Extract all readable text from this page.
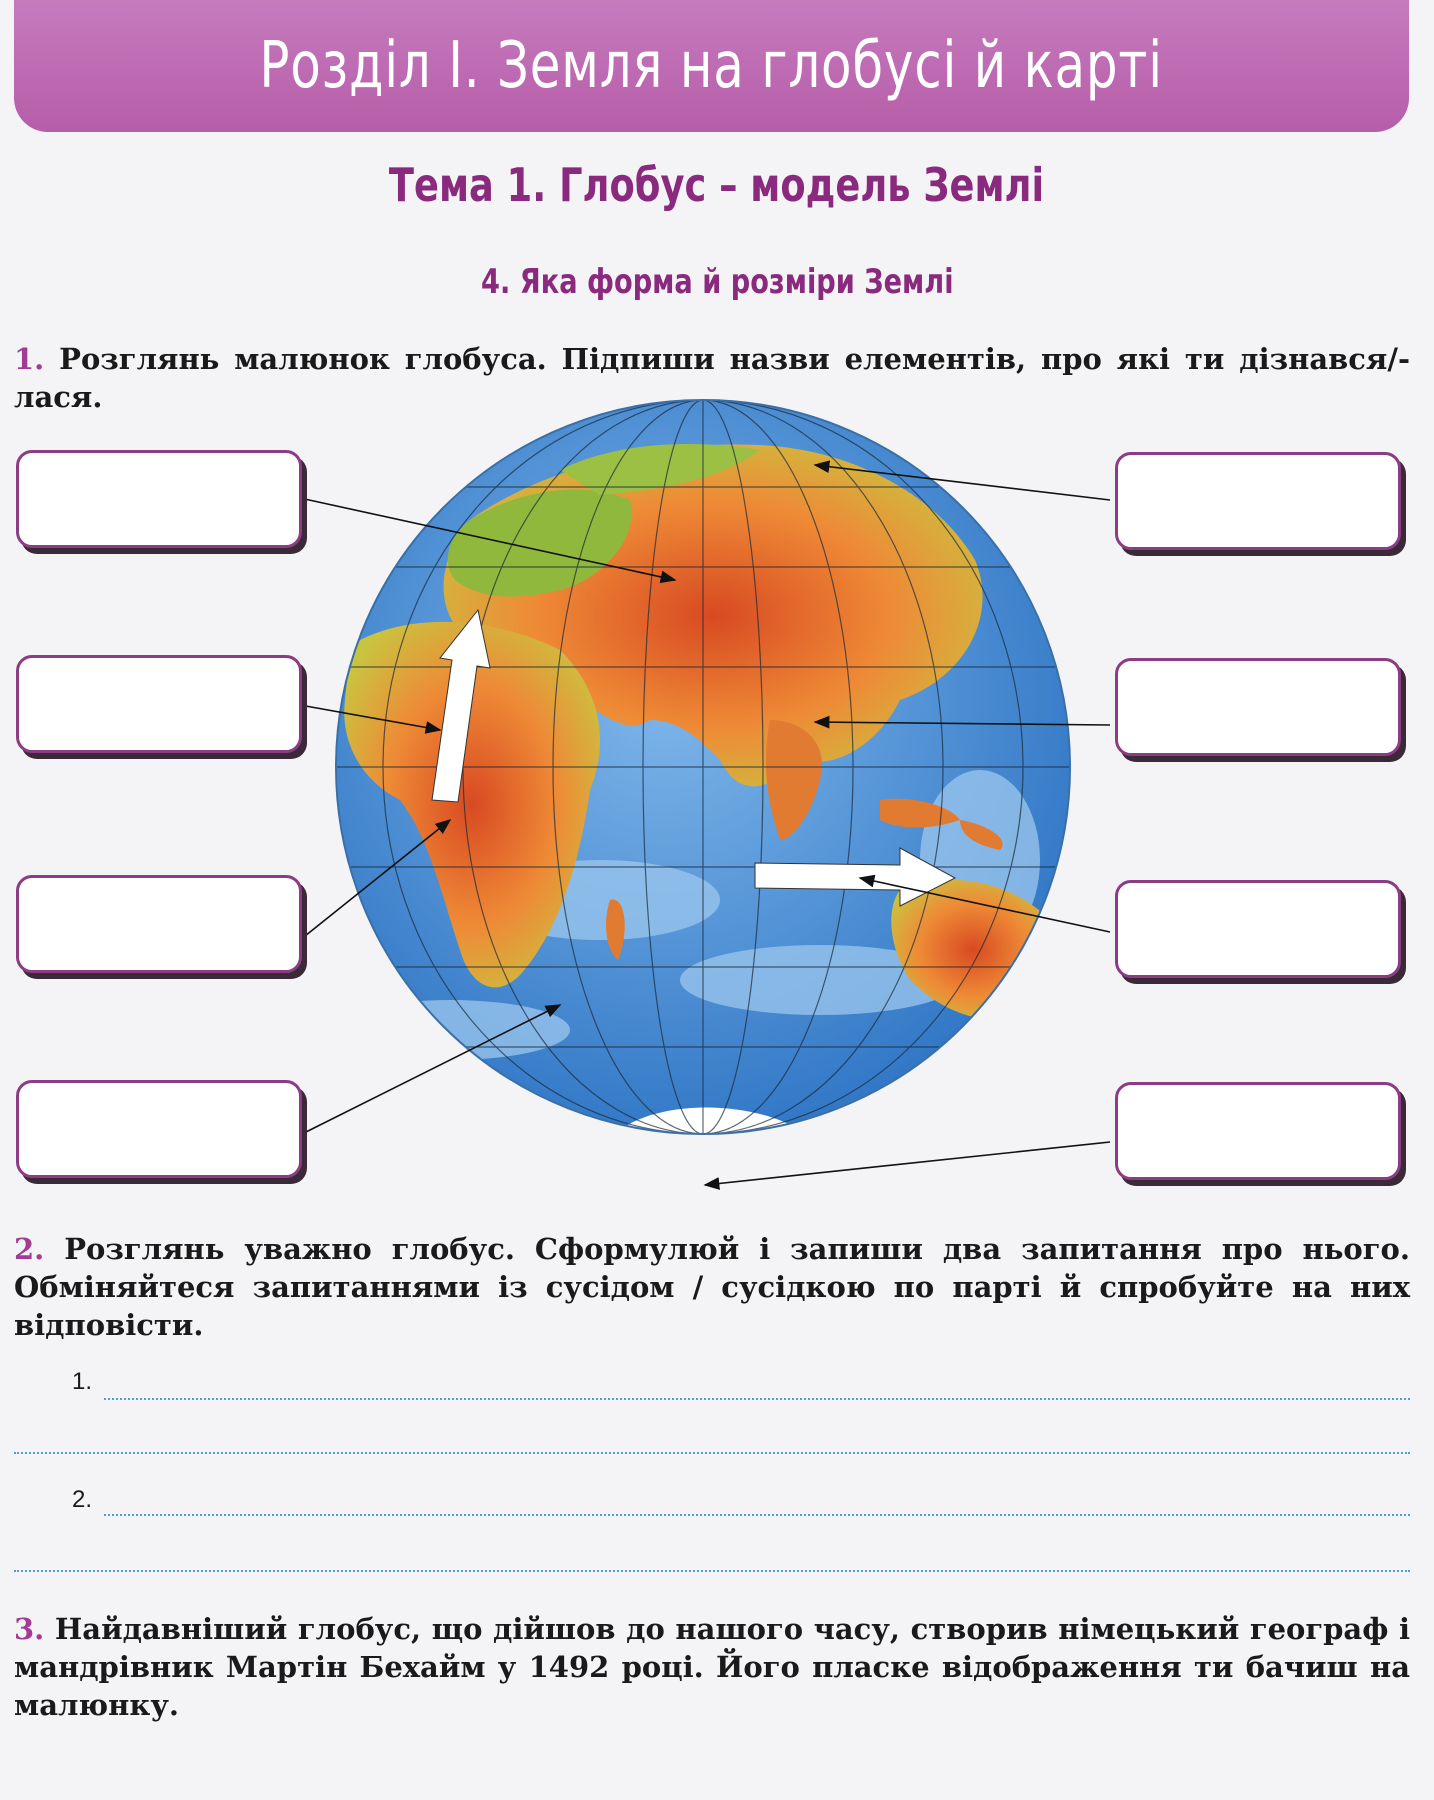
Розділ І. Земля на глобусі й карті
Тема 1. Глобус – модель Землі
4. Яка форма й розміри Землі
1. Розглянь малюнок глобуса. Підпиши назви елементів, про які ти дізнався/-лася.
2. Розглянь уважно глобус. Сформулюй і запиши два запитання про нього. Обміняйтеся запитаннями із сусідом / сусідкою по парті й спробуйте на них відповісти.
1.
2.
3. Найдавніший глобус, що дійшов до нашого часу, створив німецький географ і мандрівник Мартін Бехайм у 1492 році. Його пласке відображення ти бачиш на малюнку.
